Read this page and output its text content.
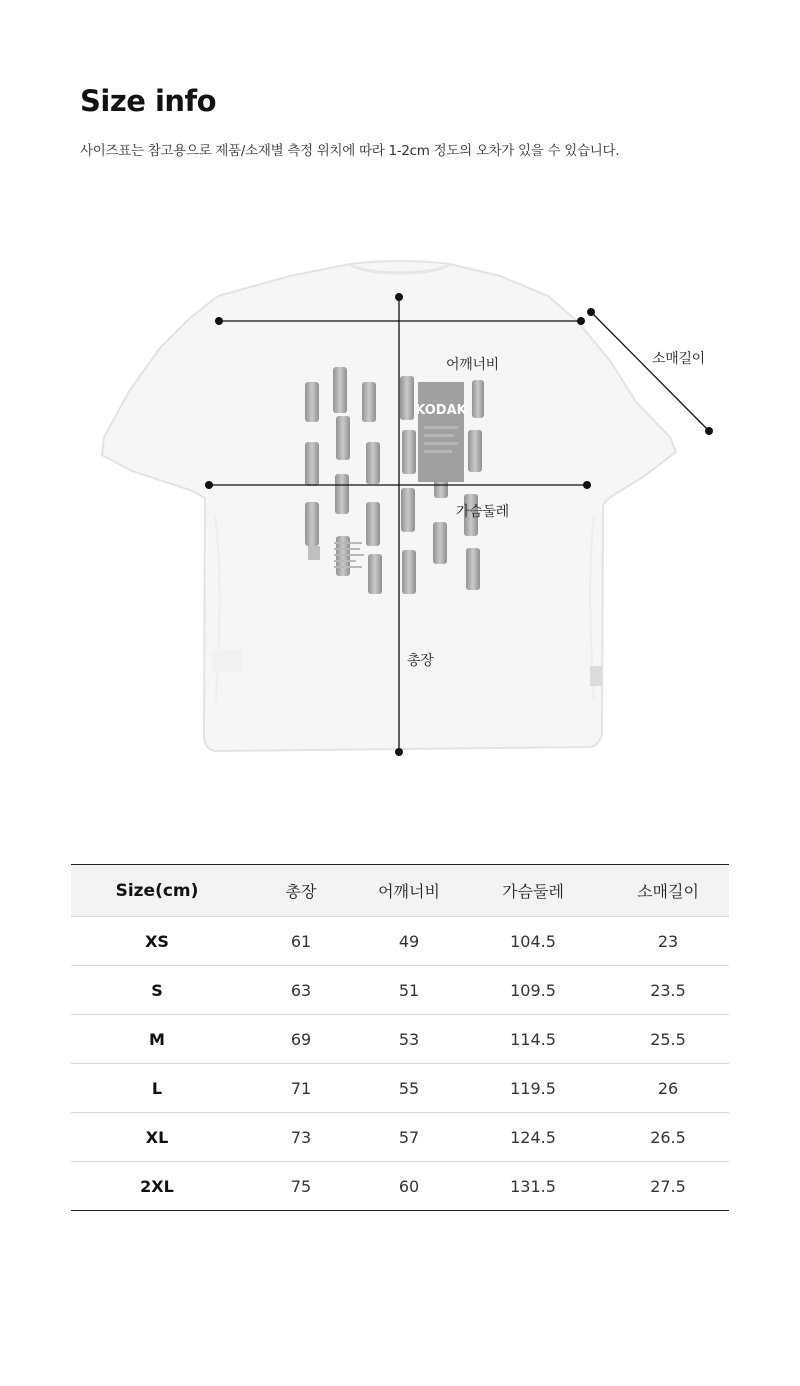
Size info

사이즈표는 참고용으로 제품/소재별 측정 위치에 따라 1-2cm 정도의 오차가 있을 수 있습니다.

KODAK
어깨너비	소매길이
가슴둘레
총장
Size(cm)	총장	어깨너비	가슴둘레	소매길이
XS	61	49	104.5	23
S	63	51	109.5	23.5
M	69	53	114.5	25.5
L	71	55	119.5	26
XL	73	57	124.5	26.5
2XL	75	60	131.5	27.5
